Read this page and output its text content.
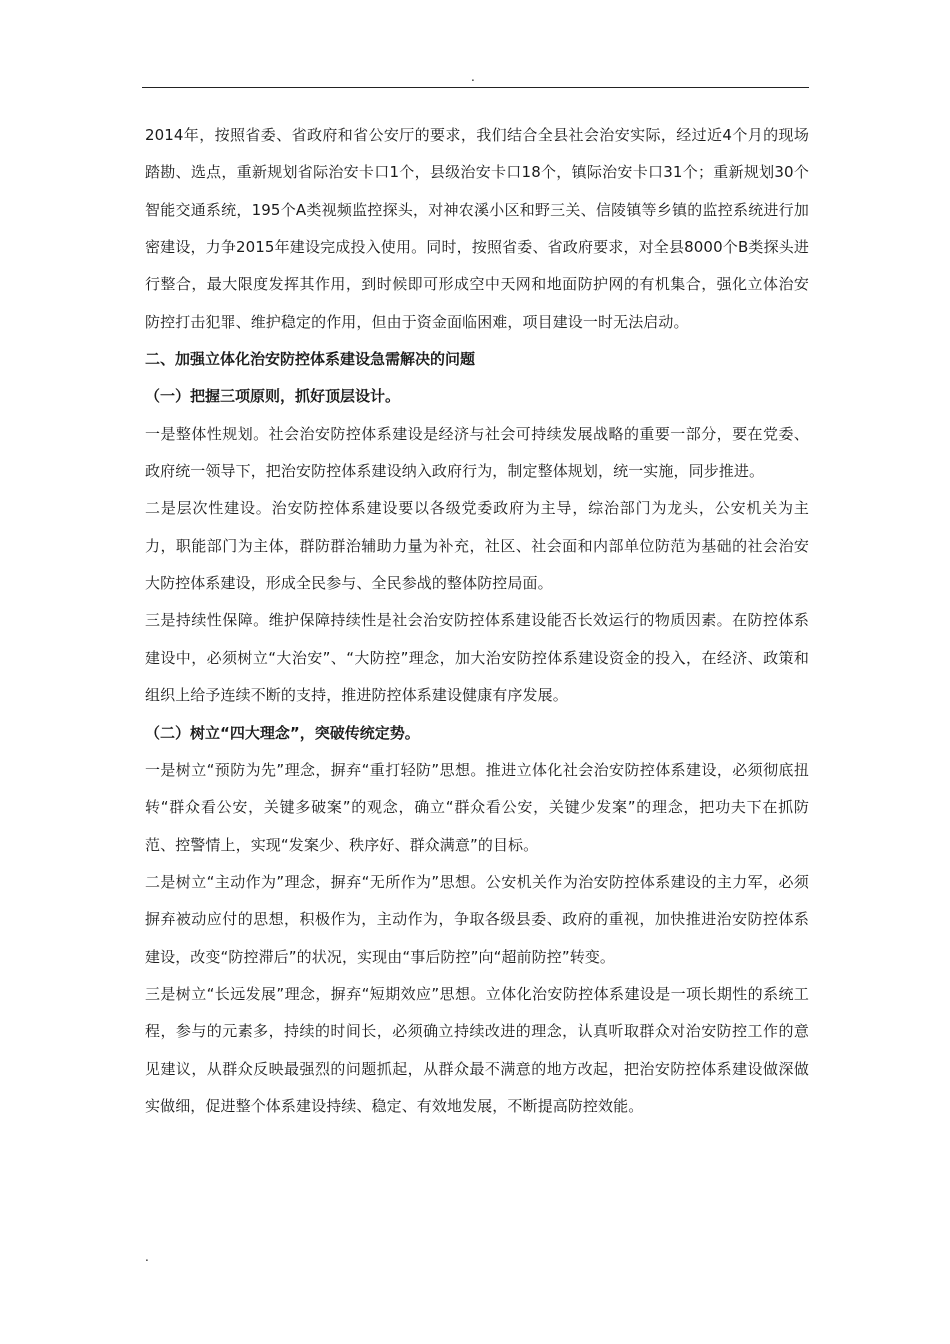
.

2014年，按照省委、省政府和省公安厅的要求，我们结合全县社会治安实际，经过近4个月的现场踏勘、选点，重新规划省际治安卡口1个，县级治安卡口18个，镇际治安卡口31个；重新规划30个智能交通系统，195个A类视频监控探头，对神农溪小区和野三关、信陵镇等乡镇的监控系统进行加密建设，力争2015年建设完成投入使用。同时，按照省委、省政府要求，对全县8000个B类探头进行整合，最大限度发挥其作用，到时候即可形成空中天网和地面防护网的有机集合，强化立体治安防控打击犯罪、维护稳定的作用，但由于资金面临困难，项目建设一时无法启动。

二、加强立体化治安防控体系建设急需解决的问题

（一）把握三项原则，抓好顶层设计。

一是整体性规划。社会治安防控体系建设是经济与社会可持续发展战略的重要一部分，要在党委、政府统一领导下，把治安防控体系建设纳入政府行为，制定整体规划，统一实施，同步推进。

二是层次性建设。治安防控体系建设要以各级党委政府为主导，综治部门为龙头，公安机关为主力，职能部门为主体，群防群治辅助力量为补充，社区、社会面和内部单位防范为基础的社会治安大防控体系建设，形成全民参与、全民参战的整体防控局面。

三是持续性保障。维护保障持续性是社会治安防控体系建设能否长效运行的物质因素。在防控体系建设中，必须树立“大治安”、“大防控”理念，加大治安防控体系建设资金的投入，在经济、政策和组织上给予连续不断的支持，推进防控体系建设健康有序发展。

（二）树立“四大理念”，突破传统定势。

一是树立“预防为先”理念，摒弃“重打轻防”思想。推进立体化社会治安防控体系建设，必须彻底扭转“群众看公安，关键多破案”的观念，确立“群众看公安，关键少发案”的理念，把功夫下在抓防范、控警情上，实现“发案少、秩序好、群众满意”的目标。

二是树立“主动作为”理念，摒弃“无所作为”思想。公安机关作为治安防控体系建设的主力军，必须摒弃被动应付的思想，积极作为，主动作为，争取各级县委、政府的重视，加快推进治安防控体系建设，改变“防控滞后”的状况，实现由“事后防控”向“超前防控”转变。

三是树立“长远发展”理念，摒弃“短期效应”思想。立体化治安防控体系建设是一项长期性的系统工程，参与的元素多，持续的时间长，必须确立持续改进的理念，认真听取群众对治安防控工作的意见建议，从群众反映最强烈的问题抓起，从群众最不满意的地方改起，把治安防控体系建设做深做实做细，促进整个体系建设持续、稳定、有效地发展，不断提高防控效能。

.
